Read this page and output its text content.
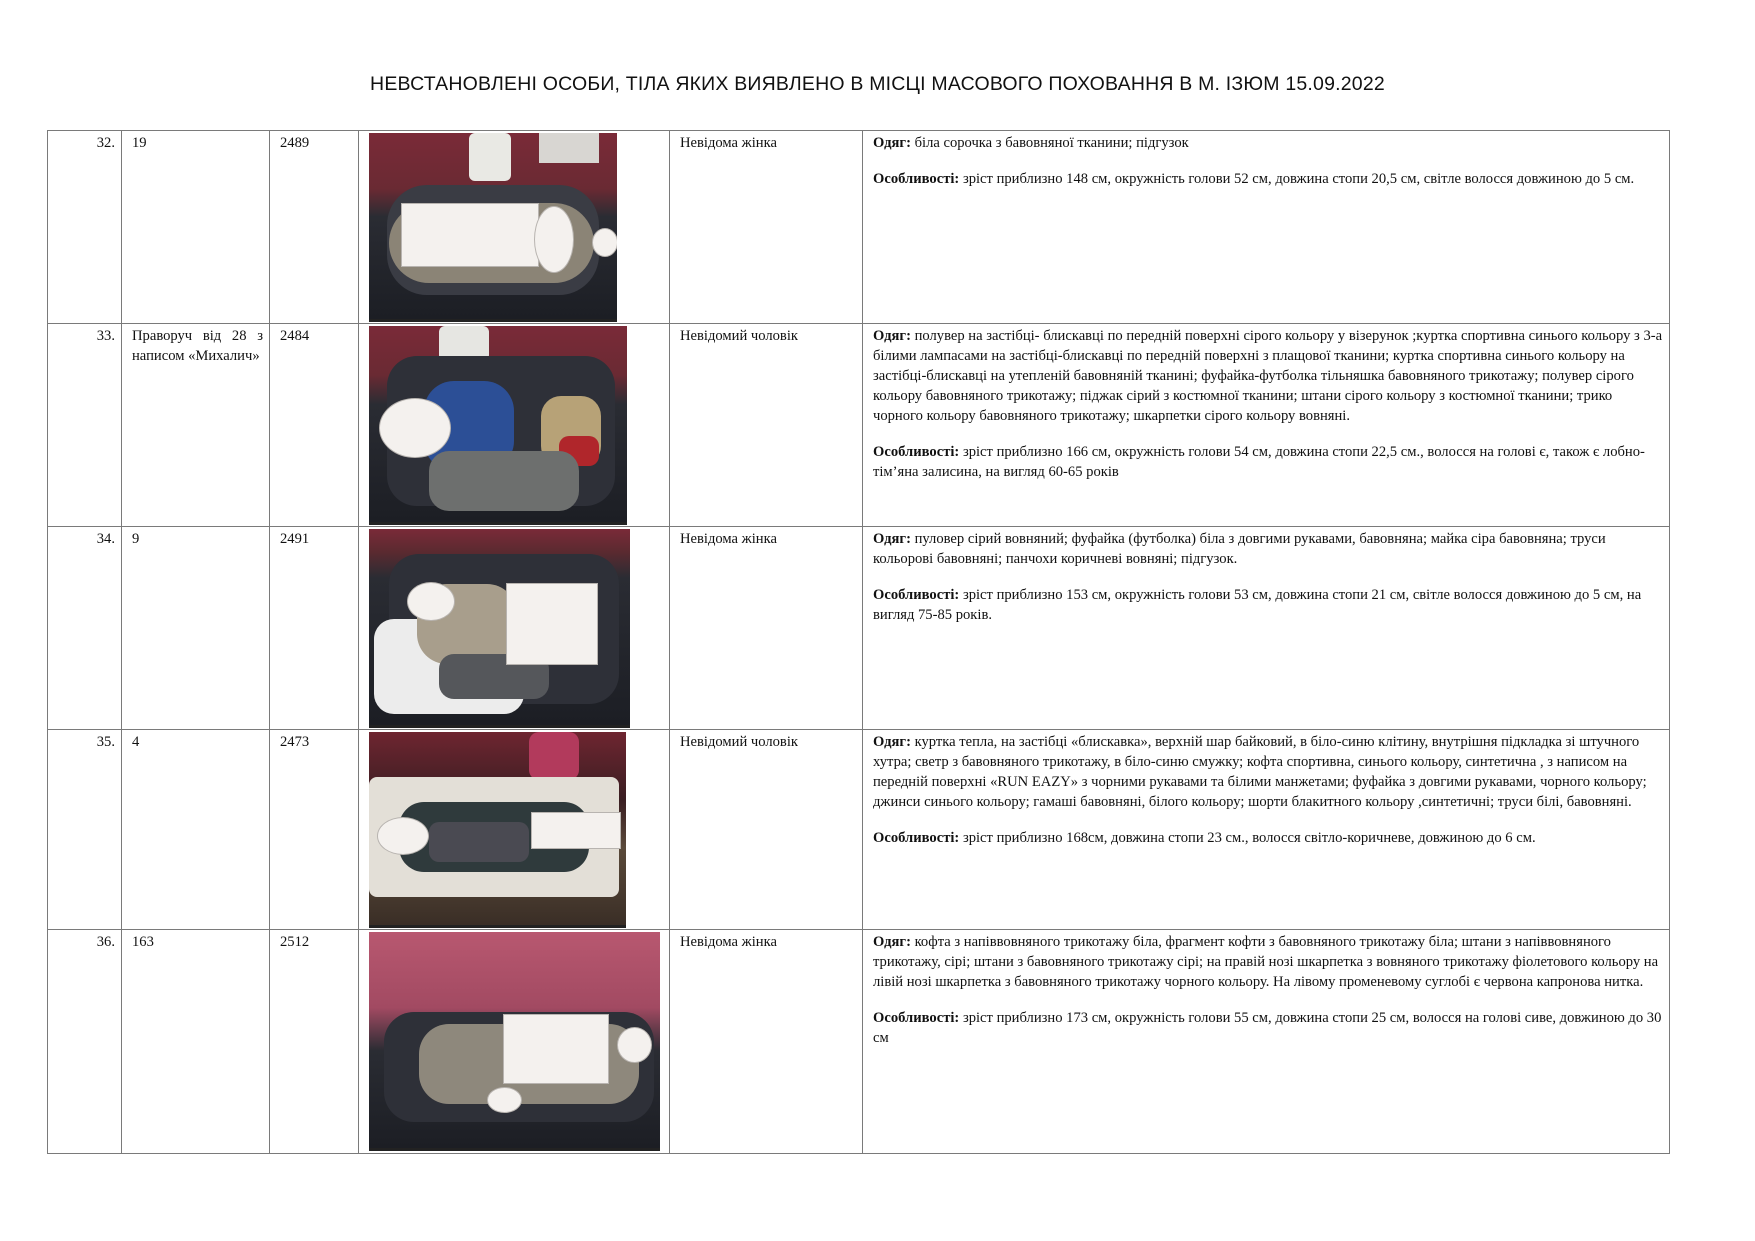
НЕВСТАНОВЛЕНІ ОСОБИ, ТІЛА ЯКИХ ВИЯВЛЕНО В МІСЦІ МАСОВОГО ПОХОВАННЯ В М. ІЗЮМ 15.09.2022
32.	19	2489		Невідома жінка	Одяг: біла сорочка з бавовняної тканини; підгузок

Особливості: зріст приблизно 148 см, окружність голови 52 см, довжина стопи 20,5 см, світле волосся довжиною до 5 см.

33.	Праворуч від 28 з написом «Михалич»	2484		Невідомий чоловік	Одяг: полувер на застібці- блискавці по передній поверхні сірого кольору у візерунок ;куртка спортивна синього кольору з 3-а білими лампасами на застібці-блискавці по передній поверхні з плащової тканини; куртка спортивна синього кольору на застібці-блискавці на утепленій бавовняній тканині; фуфайка-футболка тільняшка бавовняного трикотажу; полувер сірого кольору бавовняного трикотажу; піджак сірий з костюмної тканини; штани сірого кольору з костюмної тканини; трико чорного кольору бавовняного трикотажу; шкарпетки сірого кольору вовняні.

Особливості: зріст приблизно 166 см, окружність голови 54 см, довжина стопи 22,5 см., волосся на голові є, також є лобно-тім’яна залисина, на вигляд 60-65 років

34.	9	2491		Невідома жінка	Одяг: пуловер сірий вовняний; фуфайка (футболка) біла з довгими рукавами, бавовняна; майка сіра бавовняна; труси кольорові бавовняні; панчохи коричневі вовняні; підгузок.

Особливості: зріст приблизно 153 см, окружність голови 53 см, довжина стопи 21 см, світле волосся довжиною до 5 см, на вигляд 75-85 років.

35.	4	2473		Невідомий чоловік	Одяг: куртка тепла, на застібці «блискавка», верхній шар байковий, в біло-синю клітину, внутрішня підкладка зі штучного хутра; светр з бавовняного трикотажу, в біло-синю смужку; кофта спортивна, синього кольору, синтетична , з написом на передній поверхні «RUN EAZY» з чорними рукавами та білими манжетами; фуфайка з довгими рукавами, чорного кольору; джинси синього кольору; гамаші бавовняні, білого кольору; шорти блакитного кольору ,синтетичні; труси білі, бавовняні.

Особливості: зріст приблизно 168см, довжина стопи 23 см., волосся світло-коричневе, довжиною до 6 см.

36.	163	2512		Невідома жінка	Одяг: кофта з напіввовняного трикотажу біла, фрагмент кофти з бавовняного трикотажу біла; штани з напіввовняного трикотажу, сірі; штани з бавовняного трикотажу сірі; на правій нозі шкарпетка з вовняного трикотажу фіолетового кольору на лівій нозі шкарпетка з бавовняного трикотажу чорного кольору. На лівому променевому суглобі є червона капронова нитка.

Особливості: зріст приблизно 173 см, окружність голови 55 см, довжина стопи 25 см, волосся на голові сиве, довжиною до 30 см
